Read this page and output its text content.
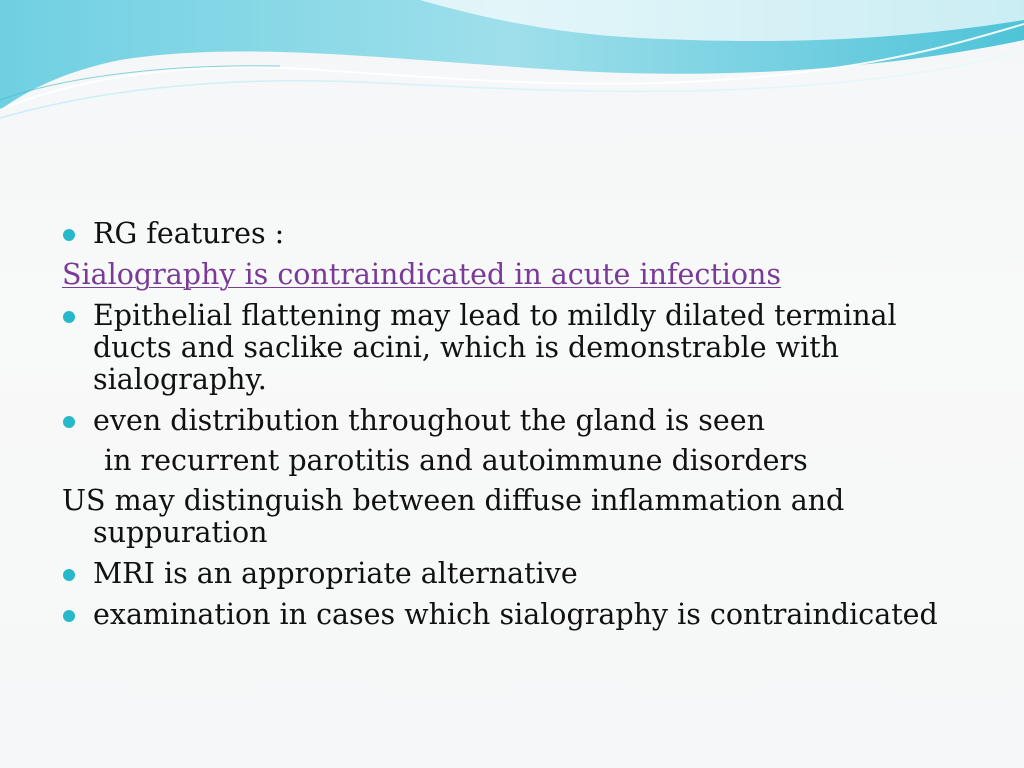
RG features :

Sialography is contraindicated in acute infections

Epithelial flattening may lead to mildly dilated terminal ducts and saclike acini, which is demonstrable with sialography.

even distribution throughout the gland is seen

in recurrent parotitis and autoimmune disorders

US may distinguish between diffuse inflammation and suppuration

MRI is an appropriate alternative

examination in cases which sialography is contraindicated
